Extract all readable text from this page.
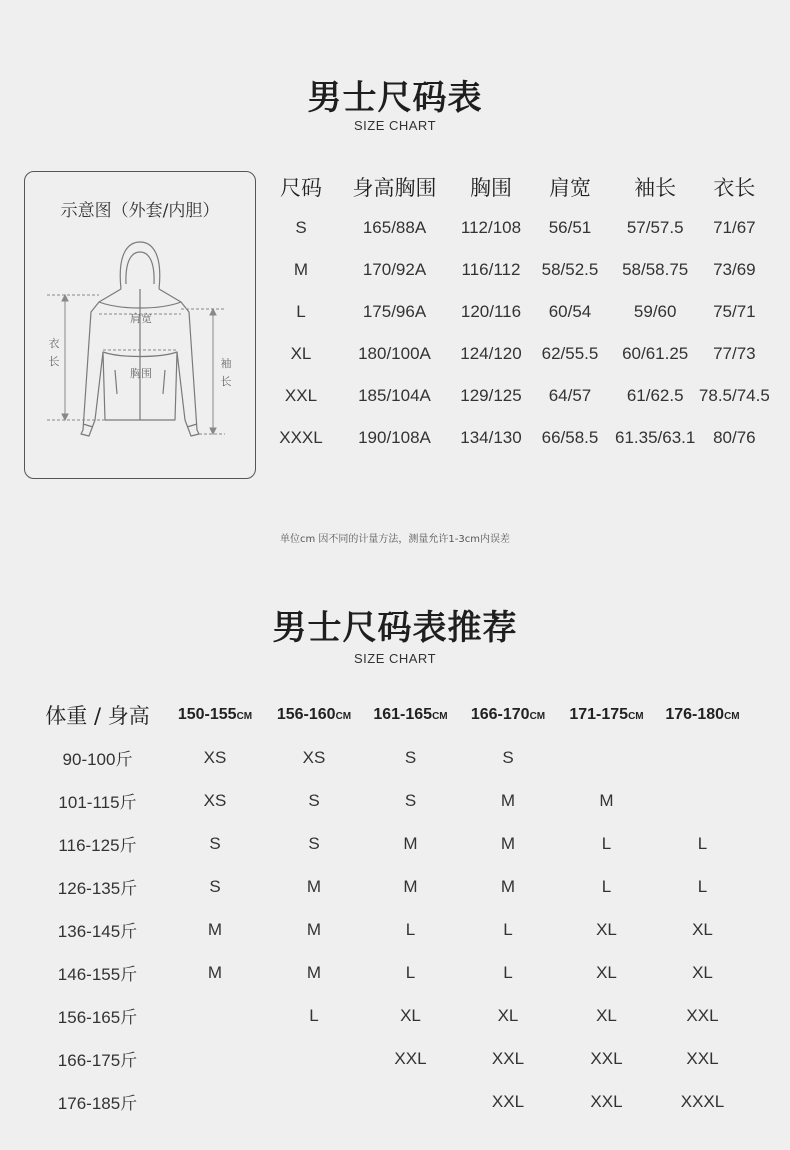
男士尺码表
SIZE CHART
示意图（外套/内胆）
肩宽
胸围
衣
长	袖
长
尺码	身高胸围	胸围	肩宽	袖长	衣长
S	165/88A	112/108	56/51	57/57.5	71/67
M	170/92A	116/112	58/52.5	58/58.75	73/69
L	175/96A	120/116	60/54	59/60	75/71
XL	180/100A	124/120	62/55.5	60/61.25	77/73
XXL	185/104A	129/125	64/57	61/62.5	78.5/74.5
XXXL	190/108A	134/130	66/58.5	61.35/63.1	80/76
单位cm 因不同的计量方法，测量允许1-3cm内误差
男士尺码表推荐
SIZE CHART
体重 / 身高	150-155CM	156-160CM	161-165CM	166-170CM	171-175CM	176-180CM
90-100斤	XS	XS	S	S		
101-115斤	XS	S	S	M	M	
116-125斤	S	S	M	M	L	L
126-135斤	S	M	M	M	L	L
136-145斤	M	M	L	L	XL	XL
146-155斤	M	M	L	L	XL	XL
156-165斤		L	XL	XL	XL	XXL
166-175斤			XXL	XXL	XXL	XXL
176-185斤				XXL	XXL	XXXL
